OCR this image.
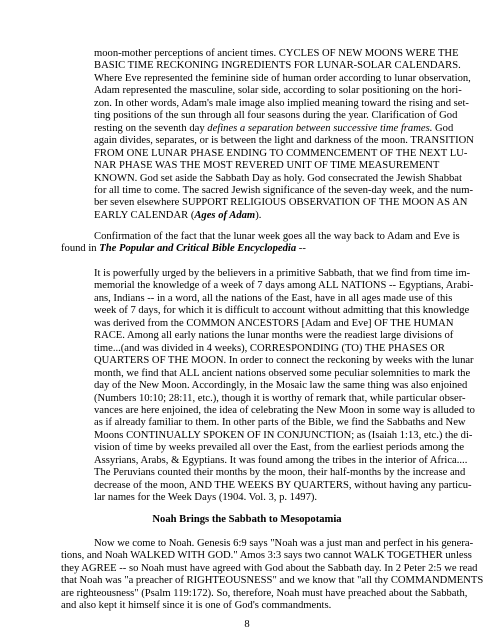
moon-mother perceptions of ancient times. CYCLES OF NEW MOONS WERE THE
BASIC TIME RECKONING INGREDIENTS FOR LUNAR-SOLAR CALENDARS.
Where Eve represented the feminine side of human order according to lunar observation,
Adam represented the masculine, solar side, according to solar positioning on the hori-
zon. In other words, Adam's male image also implied meaning toward the rising and set-
ting positions of the sun through all four seasons during the year. Clarification of God
resting on the seventh day defines a separation between successive time frames. God
again divides, separates, or is between the light and darkness of the moon. TRANSITION
FROM ONE LUNAR PHASE ENDING TO COMMENCEMENT OF THE NEXT LU-
NAR PHASE WAS THE MOST REVERED UNIT OF TIME MEASUREMENT
KNOWN. God set aside the Sabbath Day as holy. God consecrated the Jewish Shabbat
for all time to come. The sacred Jewish significance of the seven-day week, and the num-
ber seven elsewhere SUPPORT RELIGIOUS OBSERVATION OF THE MOON AS AN
EARLY CALENDAR (Ages of Adam).
Confirmation of the fact that the lunar week goes all the way back to Adam and Eve is
found in The Popular and Critical Bible Encyclopedia --
It is powerfully urged by the believers in a primitive Sabbath, that we find from time im-
memorial the knowledge of a week of 7 days among ALL NATIONS -- Egyptians, Arabi-
ans, Indians -- in a word, all the nations of the East, have in all ages made use of this
week of 7 days, for which it is difficult to account without admitting that this knowledge
was derived from the COMMON ANCESTORS [Adam and Eve] OF THE HUMAN
RACE. Among all early nations the lunar months were the readiest large divisions of
time...(and was divided in 4 weeks), CORRESPONDING (TO) THE PHASES OR
QUARTERS OF THE MOON. In order to connect the reckoning by weeks with the lunar
month, we find that ALL ancient nations observed some peculiar solemnities to mark the
day of the New Moon. Accordingly, in the Mosaic law the same thing was also enjoined
(Numbers 10:10; 28:11, etc.), though it is worthy of remark that, while particular obser-
vances are here enjoined, the idea of celebrating the New Moon in some way is alluded to
as if already familiar to them. In other parts of the Bible, we find the Sabbaths and New
Moons CONTINUALLY SPOKEN OF IN CONJUNCTION; as (Isaiah 1:13, etc.) the di-
vision of time by weeks prevailed all over the East, from the earliest periods among the
Assyrians, Arabs, & Egyptians. It was found among the tribes in the interior of Africa....
The Peruvians counted their months by the moon, their half-months by the increase and
decrease of the moon, AND THE WEEKS BY QUARTERS, without having any particu-
lar names for the Week Days (1904. Vol. 3, p. 1497).
Noah Brings the Sabbath to Mesopotamia
Now we come to Noah. Genesis 6:9 says "Noah was a just man and perfect in his genera-
tions, and Noah WALKED WITH GOD." Amos 3:3 says two cannot WALK TOGETHER unless
they AGREE -- so Noah must have agreed with God about the Sabbath day. In 2 Peter 2:5 we read
that Noah was "a preacher of RIGHTEOUSNESS" and we know that "all thy COMMANDMENTS
are righteousness" (Psalm 119:172). So, therefore, Noah must have preached about the Sabbath,
and also kept it himself since it is one of God's commandments.
8
